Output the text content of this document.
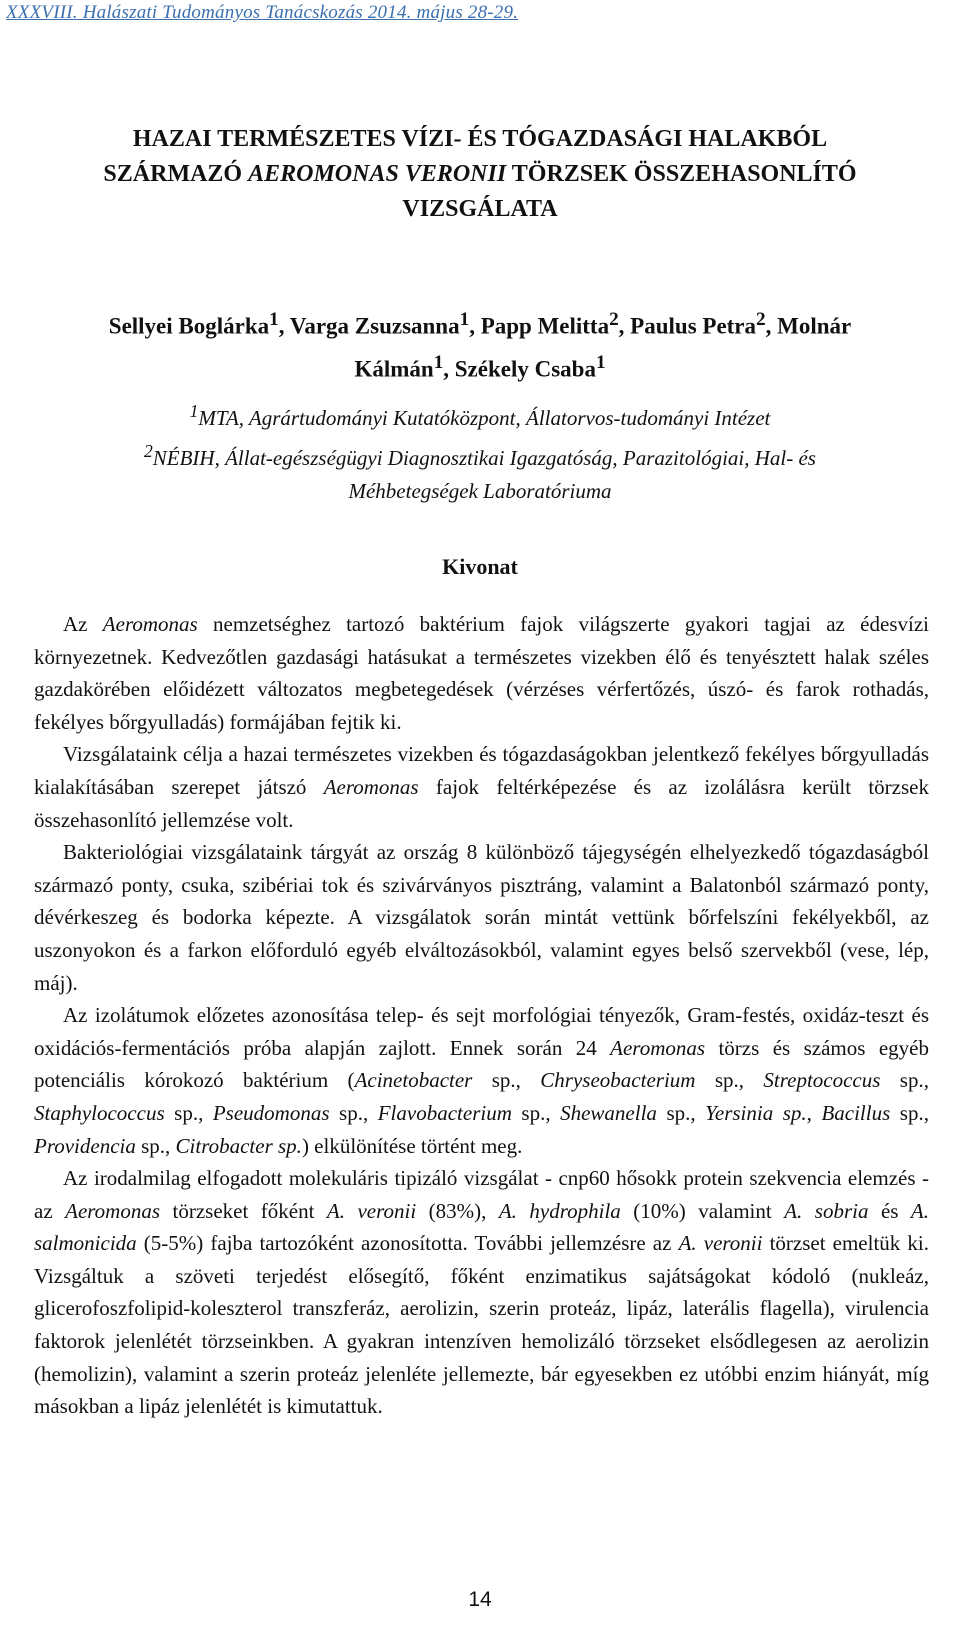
XXXVIII. Halászati Tudományos Tanácskozás 2014. május 28-29.
HAZAI TERMÉSZETES VÍZI- ÉS TÓGAZDASÁGI HALAKBÓL
SZÁRMAZÓ AEROMONAS VERONII TÖRZSEK ÖSSZEHASONLÍTÓ
VIZSGÁLATA
Sellyei Boglárka$^1$, Varga Zsuzsanna$^1$, Papp Melitta$^2$, Paulus Petra$^2$, Molnár
Kálmán$^1$, Székely Csaba$^1$
$^1$MTA, Agrártudományi Kutatóközpont, Állatorvos-tudományi Intézet
$^2$NÉBIH, Állat-egészségügyi Diagnosztikai Igazgatóság, Parazitológiai, Hal- és
Méhbetegségek Laboratóriuma
Kivonat

Az Aeromonas nemzetséghez tartozó baktérium fajok világszerte gyakori tagjai az édesvízi környezetnek. Kedvezőtlen gazdasági hatásukat a természetes vizekben élő és tenyésztett halak széles gazdakörében előidézett változatos megbetegedések (vérzéses vérfertőzés, úszó- és farok rothadás, fekélyes bőrgyulladás) formájában fejtik ki.

Vizsgálataink célja a hazai természetes vizekben és tógazdaságokban jelentkező fekélyes bőrgyulladás kialakításában szerepet játszó Aeromonas fajok feltérképezése és az izolálásra került törzsek összehasonlító jellemzése volt.

Bakteriológiai vizsgálataink tárgyát az ország 8 különböző tájegységén elhelyezkedő tógazdaságból származó ponty, csuka, szibériai tok és szivárványos pisztráng, valamint a Balatonból származó ponty, dévérkeszeg és bodorka képezte. A vizsgálatok során mintát vettünk bőrfelszíni fekélyekből, az uszonyokon és a farkon előforduló egyéb elváltozásokból, valamint egyes belső szervekből (vese, lép, máj).

Az izolátumok előzetes azonosítása telep- és sejt morfológiai tényezők, Gram-festés, oxidáz-teszt és oxidációs-fermentációs próba alapján zajlott. Ennek során 24 Aeromonas törzs és számos egyéb potenciális kórokozó baktérium (Acinetobacter sp., Chryseobacterium sp., Streptococcus sp., Staphylococcus sp., Pseudomonas sp., Flavobacterium sp., Shewanella sp., Yersinia sp., Bacillus sp., Providencia sp., Citrobacter sp.) elkülönítése történt meg.

Az irodalmilag elfogadott molekuláris tipizáló vizsgálat - cnp60 hősokk protein szekvencia elemzés - az Aeromonas törzseket főként A. veronii (83%), A. hydrophila (10%) valamint A. sobria és A. salmonicida (5-5%) fajba tartozóként azonosította. További jellemzésre az A. veronii törzset emeltük ki. Vizsgáltuk a szöveti terjedést elősegítő, főként enzimatikus sajátságokat kódoló (nukleáz, glicerofoszfolipid-koleszterol transzferáz, aerolizin, szerin proteáz, lipáz, laterális flagella), virulencia faktorok jelenlétét törzseinkben. A gyakran intenzíven hemolizáló törzseket elsődlegesen az aerolizin (hemolizin), valamint a szerin proteáz jelenléte jellemezte, bár egyesekben ez utóbbi enzim hiányát, míg másokban a lipáz jelenlétét is kimutattuk.

14
